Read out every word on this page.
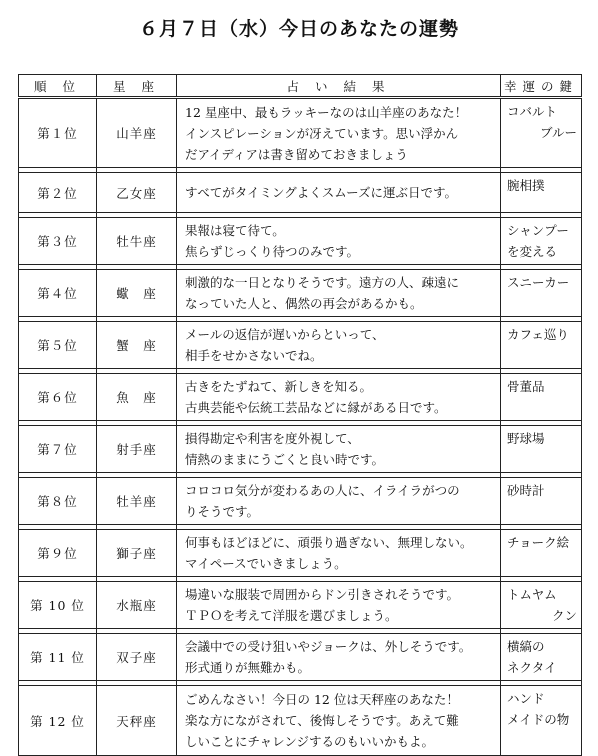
６月７日（水）今日のあなたの運勢
順 位	星 座	占 い 結 果	幸運の鍵
第１位	山羊座	12 星座中、最もラッキーなのは山羊座のあなた！
インスピレーションが冴えています。思い浮かん
だアイディアは書き留めておきましょう	コバルト
ブルー

第２位	乙女座	すべてがタイミングよくスムーズに運ぶ日です。	腕相撲

第３位	牡牛座	果報は寝て待て。
焦らずじっくり待つのみです。	シャンプー
を変える

第４位	蠍　座	刺激的な一日となりそうです。遠方の人、疎遠に
なっていた人と、偶然の再会があるかも。	スニーカー

第５位	蟹　座	メールの返信が遅いからといって、
相手をせかさないでね。	カフェ巡り

第６位	魚　座	古きをたずねて、新しきを知る。
古典芸能や伝統工芸品などに縁がある日です。	骨董品

第７位	射手座	損得勘定や利害を度外視して、
情熱のままにうごくと良い時です。	野球場

第８位	牡羊座	コロコロ気分が変わるあの人に、イライラがつの
りそうです。	砂時計

第９位	獅子座	何事もほどほどに、頑張り過ぎない、無理しない。
マイペースでいきましょう。	チョーク絵

第 10 位	水瓶座	場違いな服装で周囲からドン引きされそうです。
ＴＰＯを考えて洋服を選びましょう。	トムヤム
クン

第 11 位	双子座	会議中での受け狙いやジョークは、外しそうです。
形式通りが無難かも。	横縞の
ネクタイ

第 12 位	天秤座	ごめんなさい！今日の 12 位は天秤座のあなた！
楽な方にながされて、後悔しそうです。あえて難
しいことにチャレンジするのもいいかもよ。	ハンド
メイドの物
